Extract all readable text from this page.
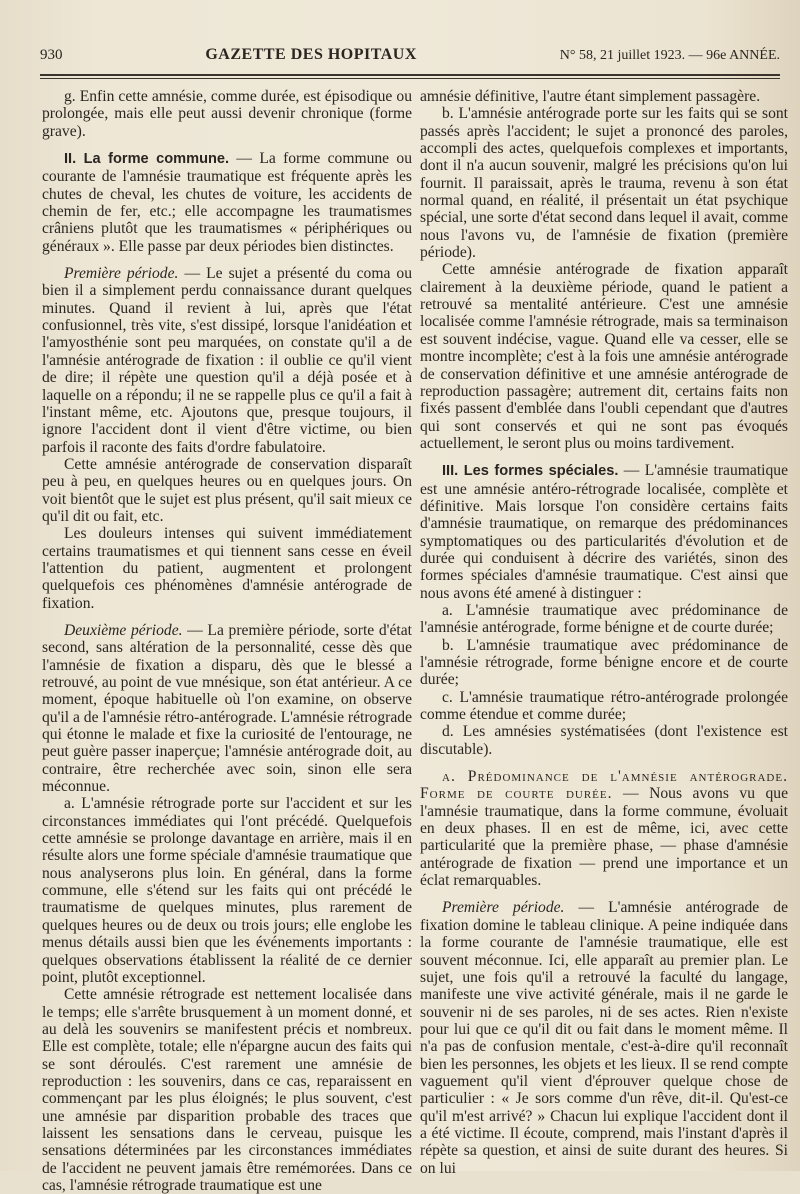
930	GAZETTE DES HOPITAUX	N° 58, 21 juillet 1923. — 96e ANNÉE.

g. Enfin cette amnésie, comme durée, est épisodique ou prolongée, mais elle peut aussi devenir chronique (forme grave).

II. La forme commune. — La forme commune ou courante de l'amnésie traumatique est fréquente après les chutes de cheval, les chutes de voiture, les accidents de chemin de fer, etc.; elle accompagne les traumatismes crâniens plutôt que les traumatismes « périphériques ou généraux ». Elle passe par deux périodes bien distinctes.

Première période. — Le sujet a présenté du coma ou bien il a simplement perdu connaissance durant quelques minutes. Quand il revient à lui, après que l'état confusionnel, très vite, s'est dissipé, lorsque l'anidéation et l'amyosthénie sont peu marquées, on constate qu'il a de l'amnésie antérograde de fixation : il oublie ce qu'il vient de dire; il répète une question qu'il a déjà posée et à laquelle on a répondu; il ne se rappelle plus ce qu'il a fait à l'instant même, etc. Ajoutons que, presque toujours, il ignore l'accident dont il vient d'être victime, ou bien parfois il raconte des faits d'ordre fabulatoire.

Cette amnésie antérograde de conservation disparaît peu à peu, en quelques heures ou en quelques jours. On voit bientôt que le sujet est plus présent, qu'il sait mieux ce qu'il dit ou fait, etc.

Les douleurs intenses qui suivent immédiatement certains traumatismes et qui tiennent sans cesse en éveil l'attention du patient, augmentent et prolongent quelquefois ces phénomènes d'amnésie antérograde de fixation.

Deuxième période. — La première période, sorte d'état second, sans altération de la personnalité, cesse dès que l'amnésie de fixation a disparu, dès que le blessé a retrouvé, au point de vue mnésique, son état antérieur. A ce moment, époque habituelle où l'on examine, on observe qu'il a de l'amnésie rétro-antérograde. L'amnésie rétrograde qui étonne le malade et fixe la curiosité de l'entourage, ne peut guère passer inaperçue; l'amnésie antérograde doit, au contraire, être recherchée avec soin, sinon elle sera méconnue.

a. L'amnésie rétrograde porte sur l'accident et sur les circonstances immédiates qui l'ont précédé. Quelquefois cette amnésie se prolonge davantage en arrière, mais il en résulte alors une forme spéciale d'amnésie traumatique que nous analyserons plus loin. En général, dans la forme commune, elle s'étend sur les faits qui ont précédé le traumatisme de quelques minutes, plus rarement de quelques heures ou de deux ou trois jours; elle englobe les menus détails aussi bien que les événements importants : quelques observations établissent la réalité de ce dernier point, plutôt exceptionnel.

Cette amnésie rétrograde est nettement localisée dans le temps; elle s'arrête brusquement à un moment donné, et au delà les souvenirs se manifestent précis et nombreux. Elle est complète, totale; elle n'épargne aucun des faits qui se sont déroulés. C'est rarement une amnésie de reproduction : les souvenirs, dans ce cas, reparaissent en commençant par les plus éloignés; le plus souvent, c'est une amnésie par disparition probable des traces que laissent les sensations dans le cerveau, puisque les sensations déterminées par les circonstances immédiates de l'accident ne peuvent jamais être remémorées. Dans ce cas, l'amnésie rétrograde traumatique est une

amnésie définitive, l'autre étant simplement passagère.

b. L'amnésie antérograde porte sur les faits qui se sont passés après l'accident; le sujet a prononcé des paroles, accompli des actes, quelquefois complexes et importants, dont il n'a aucun souvenir, malgré les précisions qu'on lui fournit. Il paraissait, après le trauma, revenu à son état normal quand, en réalité, il présentait un état psychique spécial, une sorte d'état second dans lequel il avait, comme nous l'avons vu, de l'amnésie de fixation (première période).

Cette amnésie antérograde de fixation apparaît clairement à la deuxième période, quand le patient a retrouvé sa mentalité antérieure. C'est une amnésie localisée comme l'amnésie rétrograde, mais sa terminaison est souvent indécise, vague. Quand elle va cesser, elle se montre incomplète; c'est à la fois une amnésie antérograde de conservation définitive et une amnésie antérograde de reproduction passagère; autrement dit, certains faits non fixés passent d'emblée dans l'oubli cependant que d'autres qui sont conservés et qui ne sont pas évoqués actuellement, le seront plus ou moins tardivement.

III. Les formes spéciales. — L'amnésie traumatique est une amnésie antéro-rétrograde localisée, complète et définitive. Mais lorsque l'on considère certains faits d'amnésie traumatique, on remarque des prédominances symptomatiques ou des particularités d'évolution et de durée qui conduisent à décrire des variétés, sinon des formes spéciales d'amnésie traumatique. C'est ainsi que nous avons été amené à distinguer :

a. L'amnésie traumatique avec prédominance de l'amnésie antérograde, forme bénigne et de courte durée;

b. L'amnésie traumatique avec prédominance de l'amnésie rétrograde, forme bénigne encore et de courte durée;

c. L'amnésie traumatique rétro-antérograde prolongée comme étendue et comme durée;

d. Les amnésies systématisées (dont l'existence est discutable).

a. Prédominance de l'amnésie antérograde. Forme de courte durée. — Nous avons vu que l'amnésie traumatique, dans la forme commune, évoluait en deux phases. Il en est de même, ici, avec cette particularité que la première phase, — phase d'amnésie antérograde de fixation — prend une importance et un éclat remarquables.

Première période. — L'amnésie antérograde de fixation domine le tableau clinique. A peine indiquée dans la forme courante de l'amnésie traumatique, elle est souvent méconnue. Ici, elle apparaît au premier plan. Le sujet, une fois qu'il a retrouvé la faculté du langage, manifeste une vive activité générale, mais il ne garde le souvenir ni de ses paroles, ni de ses actes. Rien n'existe pour lui que ce qu'il dit ou fait dans le moment même. Il n'a pas de confusion mentale, c'est-à-dire qu'il reconnaît bien les personnes, les objets et les lieux. Il se rend compte vaguement qu'il vient d'éprouver quelque chose de particulier : « Je sors comme d'un rêve, dit-il. Qu'est-ce qu'il m'est arrivé? » Chacun lui explique l'accident dont il a été victime. Il écoute, comprend, mais l'instant d'après il répète sa question, et ainsi de suite durant des heures. Si on lui
